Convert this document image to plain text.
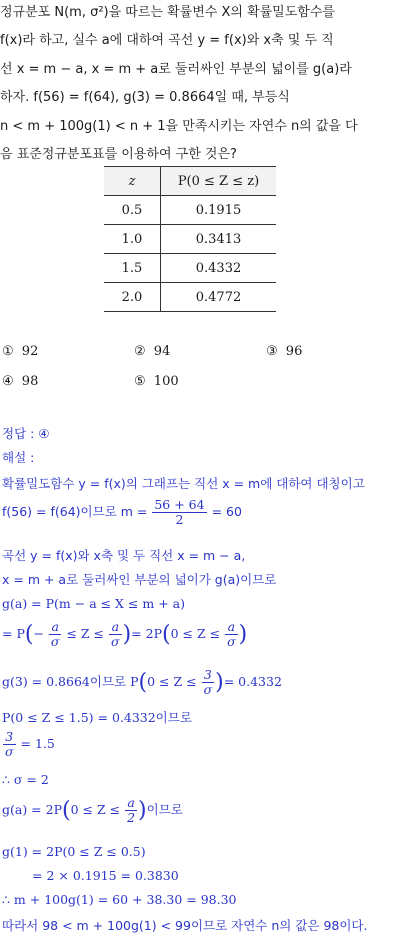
정규분포 N(m, σ²)을 따르는 확률변수 X의 확률밀도함수를

f(x)라 하고, 실수 a에 대하여 곡선 y = f(x)와 x축 및 두 직

선 x = m − a, x = m + a로 둘러싸인 부분의 넓이를 g(a)라

하자. f(56) = f(64), g(3) = 0.8664일 때, 부등식

n < m + 100g(1) < n + 1을 만족시키는 자연수 n의 값을 다

음 표준정규분포표를 이용하여 구한 것은?

z	P(0 ≤ Z ≤ z)
0.5	0.1915
1.0	0.3413
1.5	0.4332
2.0	0.4772
① 92	② 94	③ 96
④ 98	⑤ 100
정답 : ④
해설 :
확률밀도함수 y = f(x)의 그래프는 직선 x = m에 대하여 대칭이고
f(56) = f(64)이므로 $m = \frac{56 + 64}{2} = 60$
곡선 y = f(x)와 x축 및 두 직선 x = m − a,
x = m + a로 둘러싸인 부분의 넓이가 g(a)이므로
g(a) = P(m − a ≤ X ≤ m + a)
= $P(- \frac{a}{\sigma} \le Z \le \frac{a}{\sigma}$ )= $2P(0 \le Z \le \frac{a}{\sigma}$ )
g(3) = 0.8664이므로 $P(0 \le Z \le \frac{3}{\sigma}$ )= 0.4332
P(0 ≤ Z ≤ 1.5) = 0.4332이므로
$\frac{3}{\sigma} = 1.5$
∴ σ = 2
$g(a) = 2P(0 \le Z \le \frac{a}{2}$ )이므로
g(1) = 2P(0 ≤ Z ≤ 0.5)
= 2 × 0.1915 = 0.3830
∴ m + 100g(1) = 60 + 38.30 = 98.30
따라서 98 < m + 100g(1) < 99이므로 자연수 n의 값은 98이다.
